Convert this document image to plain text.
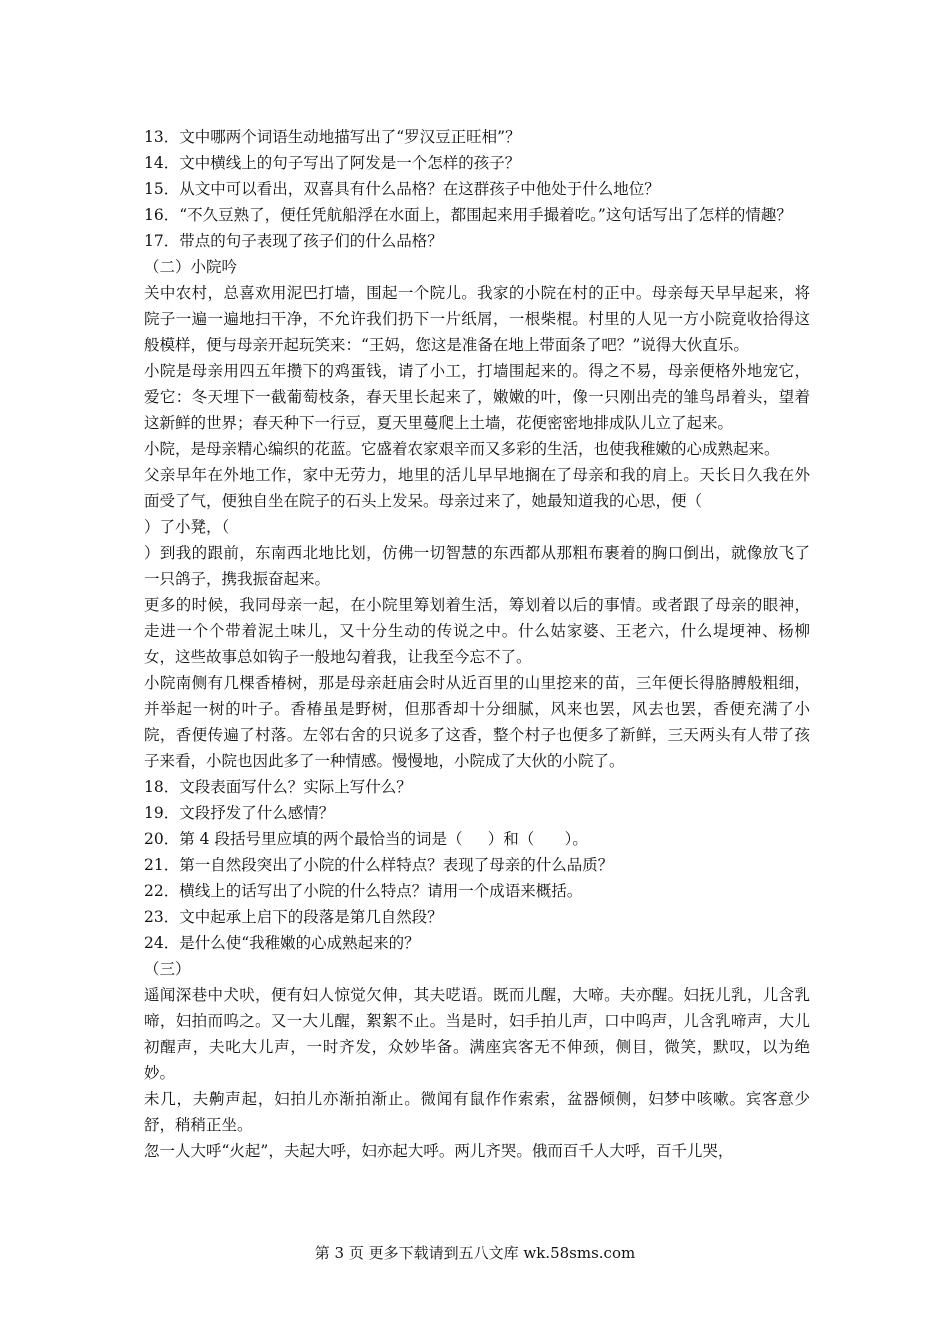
13．文中哪两个词语生动地描写出了“罗汉豆正旺相”？
14．文中横线上的句子写出了阿发是一个怎样的孩子？
15．从文中可以看出，双喜具有什么品格？在这群孩子中他处于什么地位？
16．“不久豆熟了，便任凭航船浮在水面上，都围起来用手撮着吃。”这句话写出了怎样的情趣？
17．带点的句子表现了孩子们的什么品格？
（二）小院吟
关中农村，总喜欢用泥巴打墙，围起一个院儿。我家的小院在村的正中。母亲每天早早起来，将院子一遍一遍地扫干净，不允许我们扔下一片纸屑，一根柴棍。村里的人见一方小院竟收拾得这般模样，便与母亲开起玩笑来：“王妈，您这是准备在地上带面条了吧？”说得大伙直乐。
小院是母亲用四五年攒下的鸡蛋钱，请了小工，打墙围起来的。得之不易，母亲便格外地宠它，爱它：冬天埋下一截葡萄枝条，春天里长起来了，嫩嫩的叶，像一只刚出壳的雏鸟昂着头，望着这新鲜的世界；春天种下一行豆，夏天里蔓爬上土墙，花便密密地排成队儿立了起来。
小院，是母亲精心编织的花蓝。它盛着农家艰辛而又多彩的生活，也使我稚嫩的心成熟起来。
父亲早年在外地工作，家中无劳力，地里的活儿早早地搁在了母亲和我的肩上。天长日久我在外面受了气，便独自坐在院子的石头上发呆。母亲过来了，她最知道我的心思，便（
）了小凳，（
）到我的跟前，东南西北地比划，仿佛一切智慧的东西都从那粗布裹着的胸口倒出，就像放飞了一只鸽子，携我振奋起来。
更多的时候，我同母亲一起，在小院里筹划着生活，筹划着以后的事情。或者跟了母亲的眼神，走进一个个带着泥土味儿，又十分生动的传说之中。什么姑家婆、王老六，什么堤埂神、杨柳女，这些故事总如钩子一般地勾着我，让我至今忘不了。
小院南侧有几棵香椿树，那是母亲赶庙会时从近百里的山里挖来的苗，三年便长得胳膊般粗细，并举起一树的叶子。香椿虽是野树，但那香却十分细腻，风来也罢，风去也罢，香便充满了小院，香便传遍了村落。左邻右舍的只说多了这香，整个村子也便多了新鲜，三天两头有人带了孩子来看，小院也因此多了一种情感。慢慢地，小院成了大伙的小院了。
18．文段表面写什么？实际上写什么？
19．文段抒发了什么感情？
20．第 4 段括号里应填的两个最恰当的词是（　  ）和（　   ）。
21．第一自然段突出了小院的什么样特点？表现了母亲的什么品质？
22．横线上的话写出了小院的什么特点？请用一个成语来概括。
23．文中起承上启下的段落是第几自然段？
24．是什么使“我稚嫩的心成熟起来的？
（三）
遥闻深巷中犬吠，便有妇人惊觉欠伸，其夫呓语。既而儿醒，大啼。夫亦醒。妇抚儿乳，儿含乳啼，妇拍而呜之。又一大儿醒，絮絮不止。当是时，妇手拍儿声，口中呜声，儿含乳啼声，大儿初醒声，夫叱大儿声，一时齐发，众妙毕备。满座宾客无不伸颈，侧目，微笑，默叹，以为绝妙。
未几，夫齁声起，妇拍儿亦渐拍渐止。微闻有鼠作作索索，盆器倾侧，妇梦中咳嗽。宾客意少舒，稍稍正坐。
忽一人大呼“火起”，夫起大呼，妇亦起大呼。两儿齐哭。俄而百千人大呼，百千儿哭，
第 3 页 更多下载请到五八文库 wk.58sms.com
